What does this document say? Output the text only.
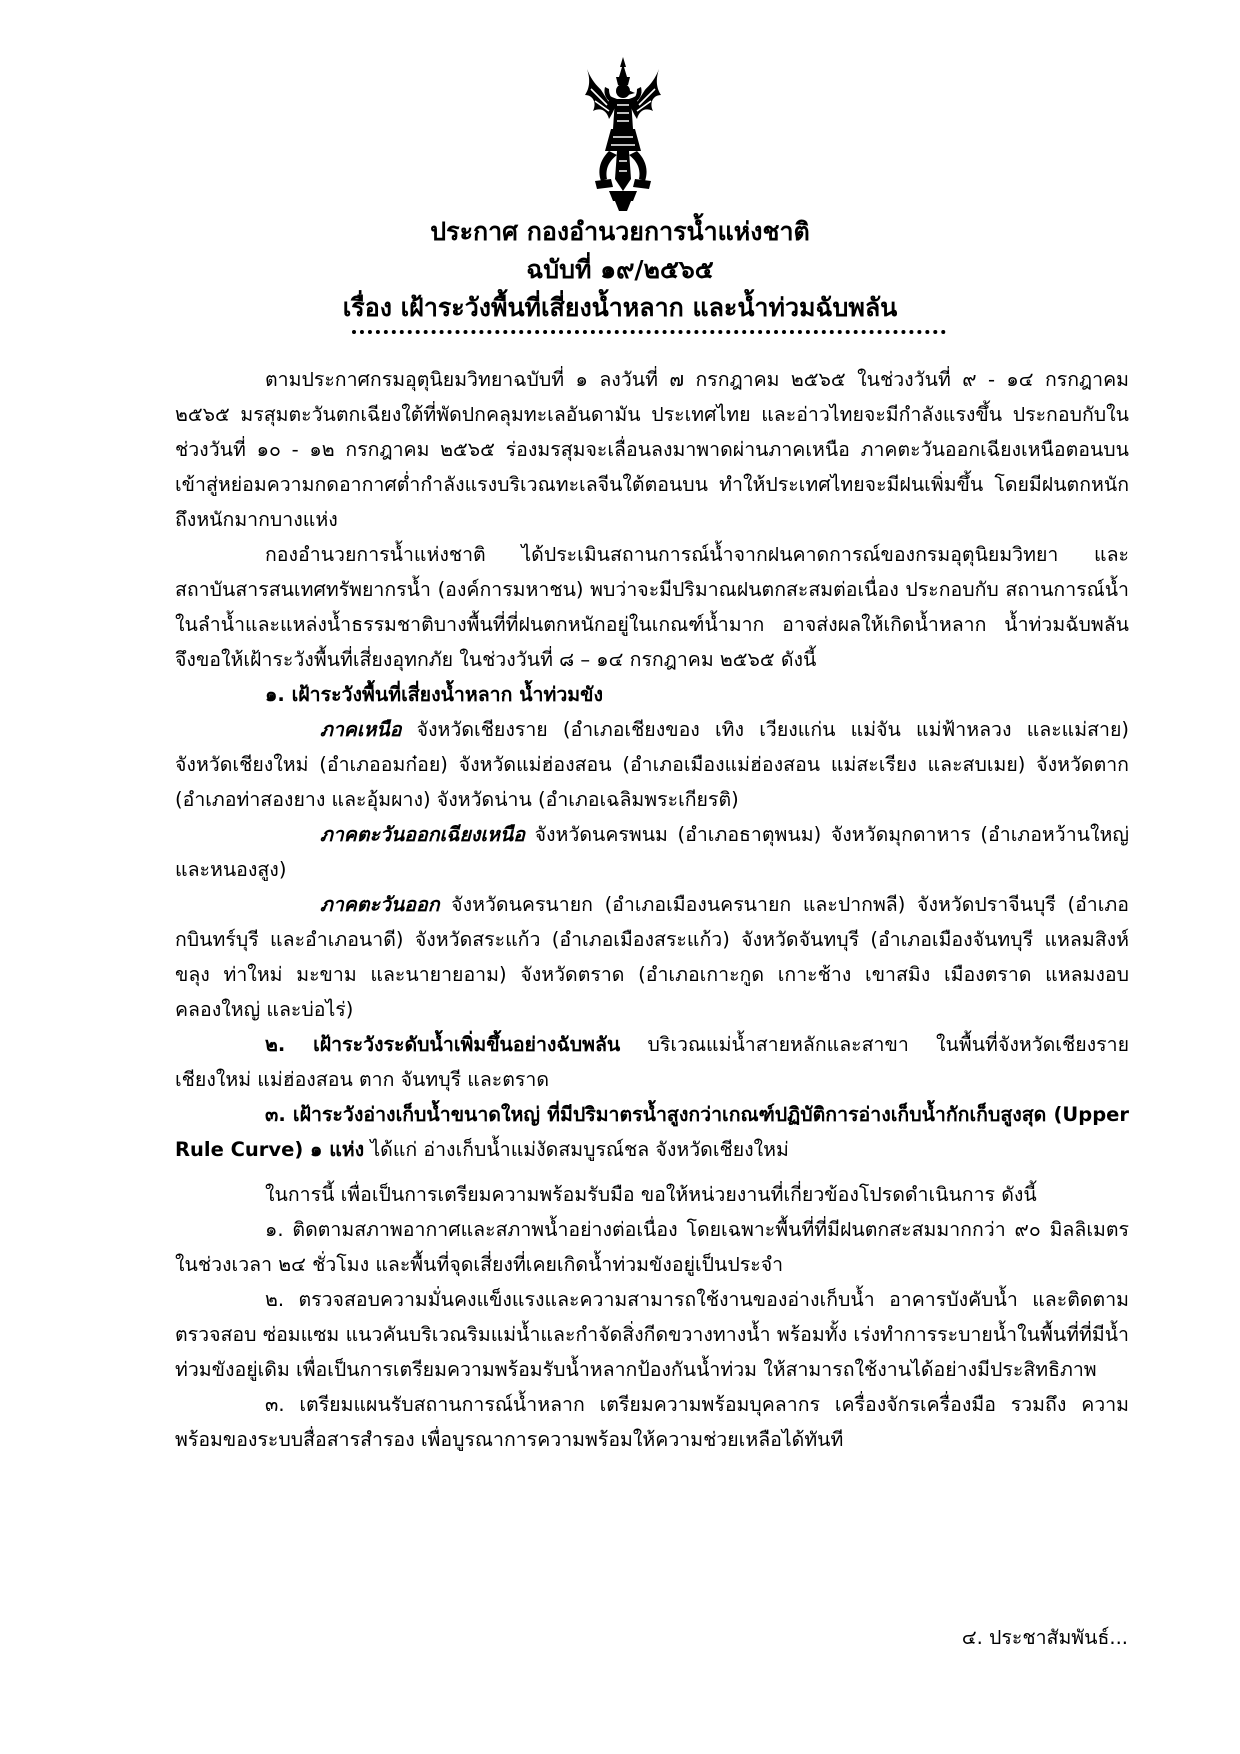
ประกาศ กองอำนวยการน้ำแห่งชาติ
ฉบับที่ ๑๙/๒๕๖๕
เรื่อง เฝ้าระวังพื้นที่เสี่ยงน้ำหลาก และน้ำท่วมฉับพลัน

ตามประกาศกรมอุตุนิยมวิทยาฉบับที่ ๑ ลงวันที่ ๗ กรกฎาคม ๒๕๖๕ ในช่วงวันที่ ๙ - ๑๔ กรกฎาคม ๒๕๖๕ มรสุมตะวันตกเฉียงใต้ที่พัดปกคลุมทะเลอันดามัน ประเทศไทย และอ่าวไทยจะมีกำลังแรงขึ้น ประกอบกับในช่วงวันที่ ๑๐ - ๑๒ กรกฎาคม ๒๕๖๕ ร่องมรสุมจะเลื่อนลงมาพาดผ่านภาคเหนือ ภาคตะวันออกเฉียงเหนือตอนบน เข้าสู่หย่อมความกดอากาศต่ำกำลังแรงบริเวณทะเลจีนใต้ตอนบน ทำให้ประเทศไทยจะมีฝนเพิ่มขึ้น โดยมีฝนตกหนักถึงหนักมากบางแห่ง

กองอำนวยการน้ำแห่งชาติ ได้ประเมินสถานการณ์น้ำจากฝนคาดการณ์ของกรมอุตุนิยมวิทยา และสถาบันสารสนเทศทรัพยากรน้ำ (องค์การมหาชน) พบว่าจะมีปริมาณฝนตกสะสมต่อเนื่อง ประกอบกับ สถานการณ์น้ำในลำน้ำและแหล่งน้ำธรรมชาติบางพื้นที่ที่ฝนตกหนักอยู่ในเกณฑ์น้ำมาก อาจส่งผลให้เกิดน้ำหลาก น้ำท่วมฉับพลัน จึงขอให้เฝ้าระวังพื้นที่เสี่ยงอุทกภัย ในช่วงวันที่ ๘ – ๑๔ กรกฎาคม ๒๕๖๕ ดังนี้

๑. เฝ้าระวังพื้นที่เสี่ยงน้ำหลาก น้ำท่วมขัง

ภาคเหนือ จังหวัดเชียงราย (อำเภอเชียงของ เทิง เวียงแก่น แม่จัน แม่ฟ้าหลวง และแม่สาย) จังหวัดเชียงใหม่ (อำเภออมก๋อย) จังหวัดแม่ฮ่องสอน (อำเภอเมืองแม่ฮ่องสอน แม่สะเรียง และสบเมย) จังหวัดตาก (อำเภอท่าสองยาง และอุ้มผาง) จังหวัดน่าน (อำเภอเฉลิมพระเกียรติ)

ภาคตะวันออกเฉียงเหนือ จังหวัดนครพนม (อำเภอธาตุพนม) จังหวัดมุกดาหาร (อำเภอหว้านใหญ่ และหนองสูง)

ภาคตะวันออก จังหวัดนครนายก (อำเภอเมืองนครนายก และปากพลี) จังหวัดปราจีนบุรี (อำเภอกบินทร์บุรี และอำเภอนาดี) จังหวัดสระแก้ว (อำเภอเมืองสระแก้ว) จังหวัดจันทบุรี (อำเภอเมืองจันทบุรี แหลมสิงห์ ขลุง ท่าใหม่ มะขาม และนายายอาม) จังหวัดตราด (อำเภอเกาะกูด เกาะช้าง เขาสมิง เมืองตราด แหลมงอบ คลองใหญ่ และบ่อไร่)

๒. เฝ้าระวังระดับน้ำเพิ่มขึ้นอย่างฉับพลัน บริเวณแม่น้ำสายหลักและสาขา ในพื้นที่จังหวัดเชียงราย เชียงใหม่ แม่ฮ่องสอน ตาก จันทบุรี และตราด

๓. เฝ้าระวังอ่างเก็บน้ำขนาดใหญ่ ที่มีปริมาตรน้ำสูงกว่าเกณฑ์ปฏิบัติการอ่างเก็บน้ำกักเก็บสูงสุด (Upper Rule Curve) ๑ แห่ง ได้แก่ อ่างเก็บน้ำแม่งัดสมบูรณ์ชล จังหวัดเชียงใหม่

ในการนี้ เพื่อเป็นการเตรียมความพร้อมรับมือ ขอให้หน่วยงานที่เกี่ยวข้องโปรดดำเนินการ ดังนี้

๑. ติดตามสภาพอากาศและสภาพน้ำอย่างต่อเนื่อง โดยเฉพาะพื้นที่ที่มีฝนตกสะสมมากกว่า ๙๐ มิลลิเมตร ในช่วงเวลา ๒๔ ชั่วโมง และพื้นที่จุดเสี่ยงที่เคยเกิดน้ำท่วมขังอยู่เป็นประจำ

๒. ตรวจสอบความมั่นคงแข็งแรงและความสามารถใช้งานของอ่างเก็บน้ำ อาคารบังคับน้ำ และติดตาม ตรวจสอบ ซ่อมแซม แนวคันบริเวณริมแม่น้ำและกำจัดสิ่งกีดขวางทางน้ำ พร้อมทั้ง เร่งทำการระบายน้ำในพื้นที่ที่มีน้ำท่วมขังอยู่เดิม เพื่อเป็นการเตรียมความพร้อมรับน้ำหลากป้องกันน้ำท่วม ให้สามารถใช้งานได้อย่างมีประสิทธิภาพ

๓. เตรียมแผนรับสถานการณ์น้ำหลาก เตรียมความพร้อมบุคลากร เครื่องจักรเครื่องมือ รวมถึง ความพร้อมของระบบสื่อสารสำรอง เพื่อบูรณาการความพร้อมให้ความช่วยเหลือได้ทันที

๔. ประชาสัมพันธ์...
